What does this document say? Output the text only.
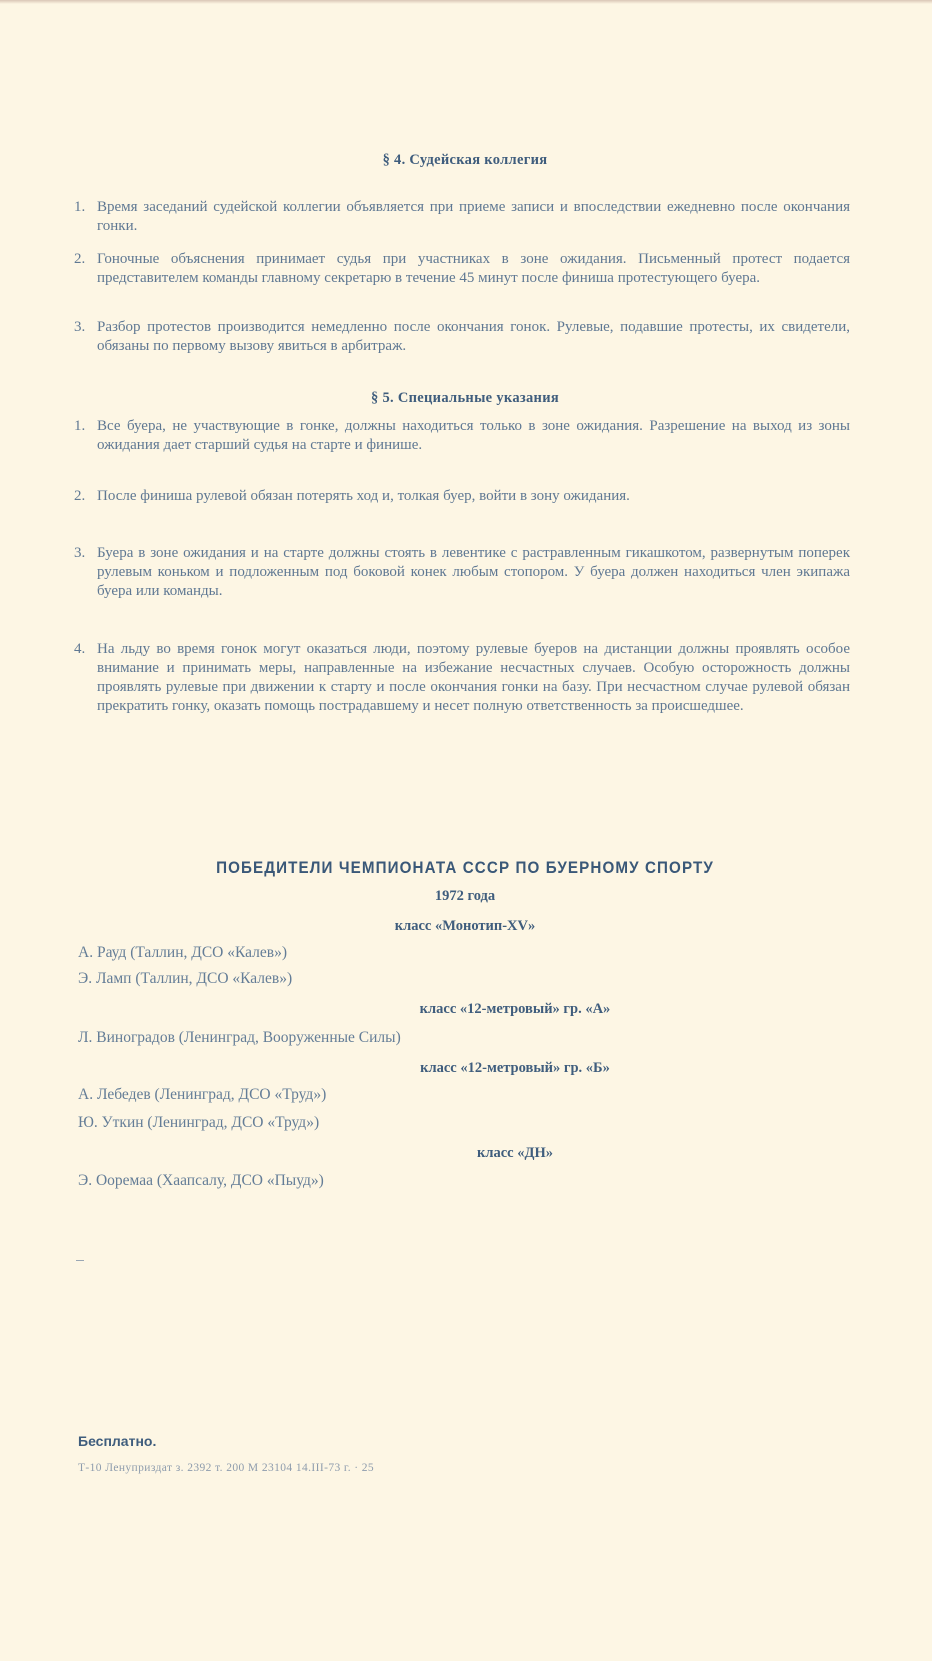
§ 4. Судейская коллегия
1. Время заседаний судейской коллегии объявляется при приеме записи и впоследствии ежедневно после окончания гонки.
2. Гоночные объяснения принимает судья при участниках в зоне ожидания. Письменный протест подается представителем команды главному секретарю в течение 45 минут после финиша протестующего буера.
3. Разбор протестов производится немедленно после окончания гонок. Рулевые, подавшие протесты, их свидетели, обязаны по первому вызову явиться в арбитраж.
§ 5. Специальные указания
1. Все буера, не участвующие в гонке, должны находиться только в зоне ожидания. Разрешение на выход из зоны ожидания дает старший судья на старте и финише.
2. После финиша рулевой обязан потерять ход и, толкая буер, войти в зону ожидания.
3. Буера в зоне ожидания и на старте должны стоять в левентике с растравленным гикашкотом, развернутым поперек рулевым коньком и подложенным под боковой конек любым стопором. У буера должен находиться член экипажа буера или команды.
4. На льду во время гонок могут оказаться люди, поэтому рулевые буеров на дистанции должны проявлять особое внимание и принимать меры, направленные на избежание несчастных случаев. Особую осторожность должны проявлять рулевые при движении к старту и после окончания гонки на базу. При несчастном случае рулевой обязан прекратить гонку, оказать помощь пострадавшему и несет полную ответственность за происшедшее.
ПОБЕДИТЕЛИ ЧЕМПИОНАТА СССР ПО БУЕРНОМУ СПОРТУ
1972 года
класс «Монотип-XV»
А. Рауд (Таллин, ДСО «Калев»)
Э. Ламп (Таллин, ДСО «Калев»)
класс «12-метровый» гр. «А»
Л. Виноградов (Ленинград, Вооруженные Силы)
класс «12-метровый» гр. «Б»
А. Лебедев (Ленинград, ДСО «Труд»)
Ю. Уткин (Ленинград, ДСО «Труд»)
класс «ДН»
Э. Ооремаа (Хаапсалу, ДСО «Пыуд»)
Бесплатно.
Т-10 Ленуприздат з. 2392 т. 200 М 23104 14.III-73 г. · 25
